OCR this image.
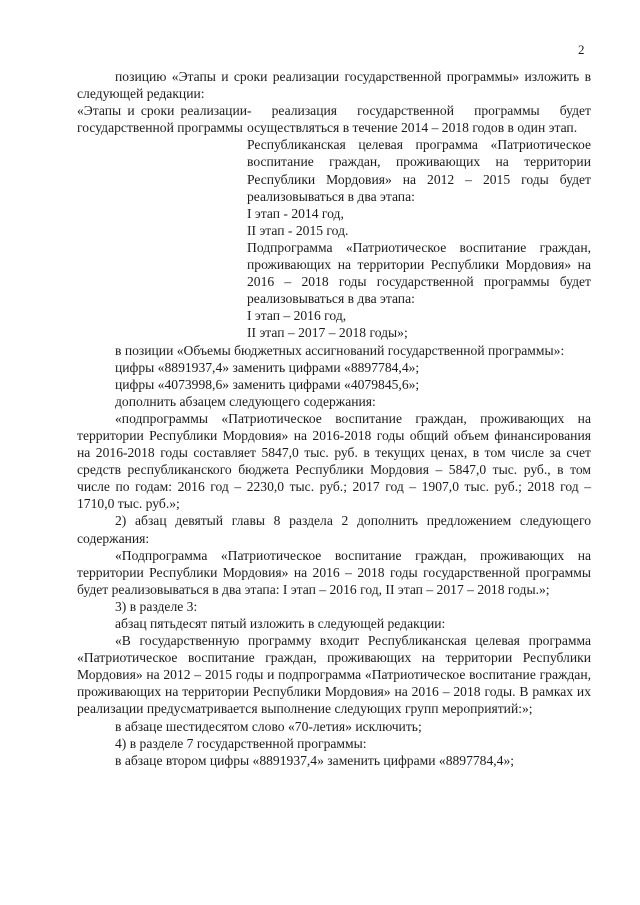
2

позицию «Этапы и сроки реализации государственной программы» изложить в следующей редакции:

«Этапы и сроки реализации государственной программы

- реализация государственной программы будет осуществляться в течение 2014 – 2018 годов в один этап.

Республиканская целевая программа «Патриотическое воспитание граждан, проживающих на территории Республики Мордовия» на 2012 – 2015 годы будет реализовываться в два этапа:

I этап - 2014 год,

II этап - 2015 год.

Подпрограмма «Патриотическое воспитание граждан, проживающих на территории Республики Мордовия» на 2016 – 2018 годы государственной программы будет реализовываться в два этапа:

I этап – 2016 год,

II этап – 2017 – 2018 годы»;

в позиции «Объемы бюджетных ассигнований государственной программы»:

цифры «8891937,4» заменить цифрами «8897784,4»;

цифры «4073998,6» заменить цифрами «4079845,6»;

дополнить абзацем следующего содержания:

«подпрограммы «Патриотическое воспитание граждан, проживающих на территории Республики Мордовия» на 2016-2018 годы общий объем финансирования на 2016-2018 годы составляет 5847,0 тыс. руб. в текущих ценах, в том числе за счет средств республиканского бюджета Республики Мордовия – 5847,0 тыс. руб., в том числе по годам: 2016 год – 2230,0 тыс. руб.; 2017 год – 1907,0 тыс. руб.; 2018 год – 1710,0 тыс. руб.»;

2) абзац девятый главы 8 раздела 2 дополнить предложением следующего содержания:

«Подпрограмма «Патриотическое воспитание граждан, проживающих на территории Республики Мордовия» на 2016 – 2018 годы государственной программы будет реализовываться в два этапа: I этап – 2016 год, II этап – 2017 – 2018 годы.»;

3) в разделе 3:

абзац пятьдесят пятый изложить в следующей редакции:

«В государственную программу входит Республиканская целевая программа «Патриотическое воспитание граждан, проживающих на территории Республики Мордовия» на 2012 – 2015 годы и подпрограмма «Патриотическое воспитание граждан, проживающих на территории Республики Мордовия» на 2016 – 2018 годы. В рамках их реализации предусматривается выполнение следующих групп мероприятий:»;

в абзаце шестидесятом слово «70-летия» исключить;

4) в разделе 7 государственной программы:

в абзаце втором цифры «8891937,4» заменить цифрами «8897784,4»;
